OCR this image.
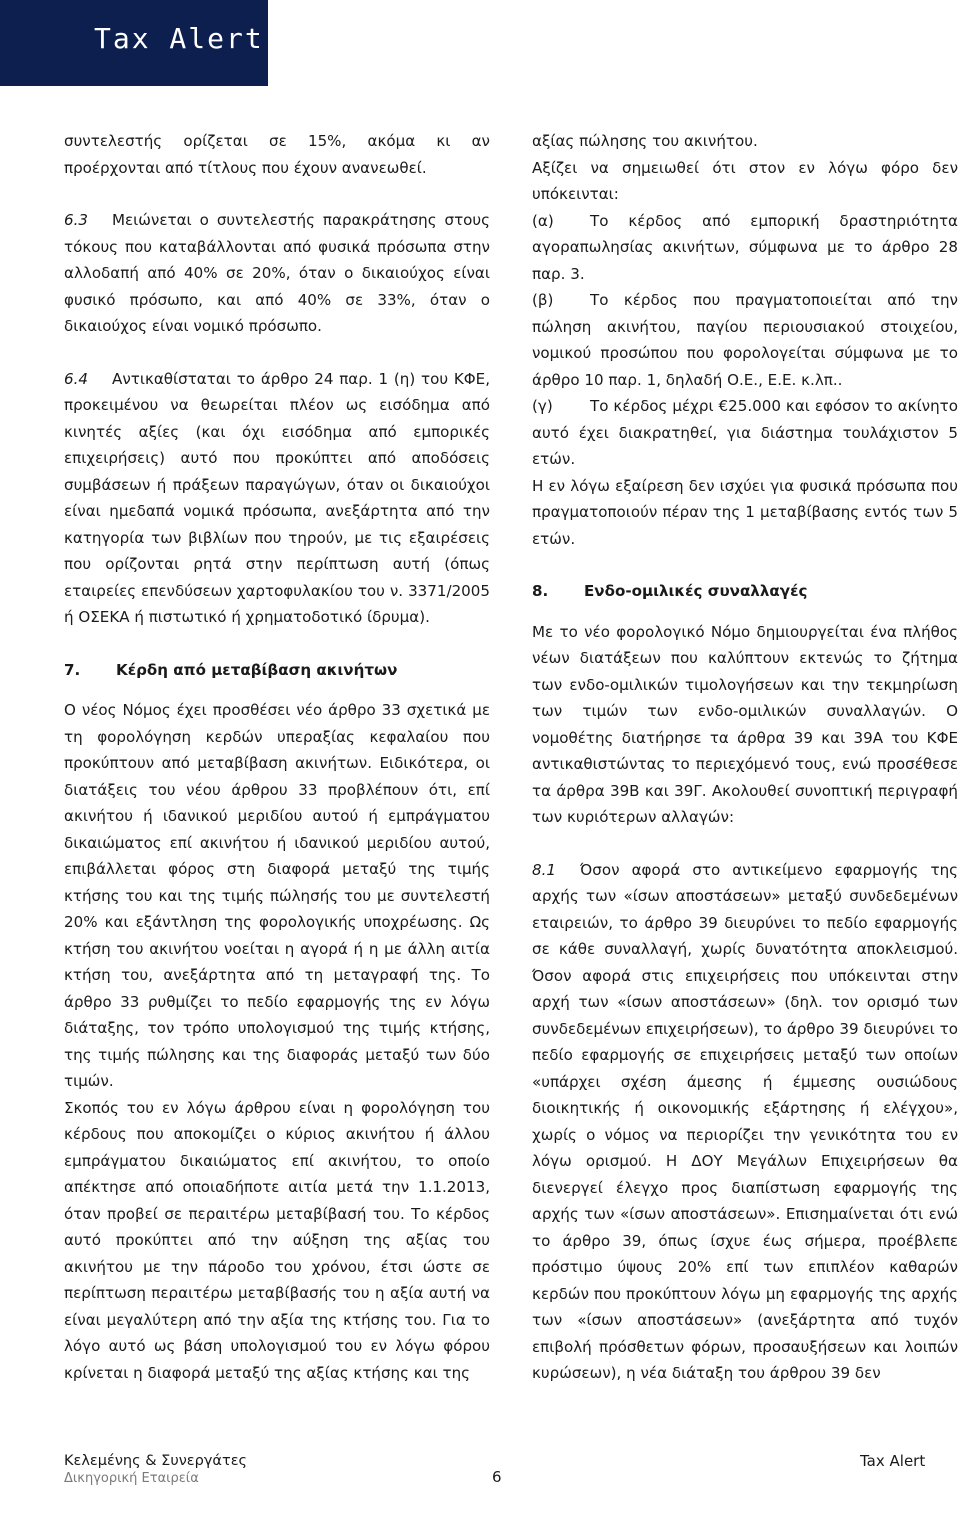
Tax Alert

συντελεστής ορίζεται σε 15%, ακόμα κι αν προέρχονται από τίτλους που έχουν ανανεωθεί.

6.3 Μειώνεται ο συντελεστής παρακράτησης στους τόκους που καταβάλλονται από φυσικά πρόσωπα στην αλλοδαπή από 40% σε 20%, όταν ο δικαιούχος είναι φυσικό πρόσωπο, και από 40% σε 33%, όταν ο δικαιούχος είναι νομικό πρόσωπο.

6.4 Αντικαθίσταται το άρθρο 24 παρ. 1 (η) του ΚΦΕ, προκειμένου να θεωρείται πλέον ως εισόδημα από κινητές αξίες (και όχι εισόδημα από εμπορικές επιχειρήσεις) αυτό που προκύπτει από αποδόσεις συμβάσεων ή πράξεων παραγώγων, όταν οι δικαιούχοι είναι ημεδαπά νομικά πρόσωπα, ανεξάρτητα από την κατηγορία των βιβλίων που τηρούν, με τις εξαιρέσεις που ορίζονται ρητά στην περίπτωση αυτή (όπως εταιρείες επενδύσεων χαρτοφυλακίου του ν. 3371/2005 ή ΟΣΕΚΑ ή πιστωτικό ή χρηματοδοτικό ίδρυμα).

7. Κέρδη από μεταβίβαση ακινήτων

Ο νέος Νόμος έχει προσθέσει νέο άρθρο 33 σχετικά με τη φορολόγηση κερδών υπεραξίας κεφαλαίου που προκύπτουν από μεταβίβαση ακινήτων. Ειδικότερα, οι διατάξεις του νέου άρθρου 33 προβλέπουν ότι, επί ακινήτου ή ιδανικού μεριδίου αυτού ή εμπράγματου δικαιώματος επί ακινήτου ή ιδανικού μεριδίου αυτού, επιβάλλεται φόρος στη διαφορά μεταξύ της τιμής κτήσης του και της τιμής πώλησής του με συντελεστή 20% και εξάντληση της φορολογικής υποχρέωσης. Ως κτήση του ακινήτου νοείται η αγορά ή η με άλλη αιτία κτήση του, ανεξάρτητα από τη μεταγραφή της. Το άρθρο 33 ρυθμίζει το πεδίο εφαρμογής της εν λόγω διάταξης, τον τρόπο υπολογισμού της τιμής κτήσης, της τιμής πώλησης και της διαφοράς μεταξύ των δύο τιμών.

Σκοπός του εν λόγω άρθρου είναι η φορολόγηση του κέρδους που αποκομίζει ο κύριος ακινήτου ή άλλου εμπράγματου δικαιώματος επί ακινήτου, το οποίο απέκτησε από οποιαδήποτε αιτία μετά την 1.1.2013, όταν προβεί σε περαιτέρω μεταβίβασή του. Το κέρδος αυτό προκύπτει από την αύξηση της αξίας του ακινήτου με την πάροδο του χρόνου, έτσι ώστε σε περίπτωση περαιτέρω μεταβίβασής του η αξία αυτή να είναι μεγαλύτερη από την αξία της κτήσης του. Για το λόγο αυτό ως βάση υπολογισμού του εν λόγω φόρου κρίνεται η διαφορά μεταξύ της αξίας κτήσης και της

αξίας πώλησης του ακινήτου.

Αξίζει να σημειωθεί ότι στον εν λόγω φόρο δεν υπόκεινται:

(α) Το κέρδος από εμπορική δραστηριότητα αγοραπωλησίας ακινήτων, σύμφωνα με το άρθρο 28 παρ. 3.

(β) Το κέρδος που πραγματοποιείται από την πώληση ακινήτου, παγίου περιουσιακού στοιχείου, νομικού προσώπου που φορολογείται σύμφωνα με το άρθρο 10 παρ. 1, δηλαδή Ο.Ε., Ε.Ε. κ.λπ..

(γ) Το κέρδος μέχρι €25.000 και εφόσον το ακίνητο αυτό έχει διακρατηθεί, για διάστημα τουλάχιστον 5 ετών.

Η εν λόγω εξαίρεση δεν ισχύει για φυσικά πρόσωπα που πραγματοποιούν πέραν της 1 μεταβίβασης εντός των 5 ετών.

8. Ενδο-ομιλικές συναλλαγές

Με το νέο φορολογικό Νόμο δημιουργείται ένα πλήθος νέων διατάξεων που καλύπτουν εκτενώς το ζήτημα των ενδο-ομιλικών τιμολογήσεων και την τεκμηρίωση των τιμών των ενδο-ομιλικών συναλλαγών. Ο νομοθέτης διατήρησε τα άρθρα 39 και 39Α του ΚΦΕ αντικαθιστώντας το περιεχόμενό τους, ενώ προσέθεσε τα άρθρα 39Β και 39Γ. Ακολουθεί συνοπτική περιγραφή των κυριότερων αλλαγών:

8.1 Όσον αφορά στο αντικείμενο εφαρμογής της αρχής των «ίσων αποστάσεων» μεταξύ συνδεδεμένων εταιρειών, το άρθρο 39 διευρύνει το πεδίο εφαρμογής σε κάθε συναλλαγή, χωρίς δυνατότητα αποκλεισμού. Όσον αφορά στις επιχειρήσεις που υπόκεινται στην αρχή των «ίσων αποστάσεων» (δηλ. τον ορισμό των συνδεδεμένων επιχειρήσεων), το άρθρο 39 διευρύνει το πεδίο εφαρμογής σε επιχειρήσεις μεταξύ των οποίων «υπάρχει σχέση άμεσης ή έμμεσης ουσιώδους διοικητικής ή οικονομικής εξάρτησης ή ελέγχου», χωρίς ο νόμος να περιορίζει την γενικότητα του εν λόγω ορισμού. Η ΔΟΥ Μεγάλων Επιχειρήσεων θα διενεργεί έλεγχο προς διαπίστωση εφαρμογής της αρχής των «ίσων αποστάσεων». Επισημαίνεται ότι ενώ το άρθρο 39, όπως ίσχυε έως σήμερα, προέβλεπε πρόστιμο ύψους 20% επί των επιπλέον καθαρών κερδών που προκύπτουν λόγω μη εφαρμογής της αρχής των «ίσων αποστάσεων» (ανεξάρτητα από τυχόν επιβολή πρόσθετων φόρων, προσαυξήσεων και λοιπών κυρώσεων), η νέα διάταξη του άρθρου 39 δεν

Κελεμένης & Συνεργάτες
Δικηγορική Εταιρεία	6
Tax Alert
